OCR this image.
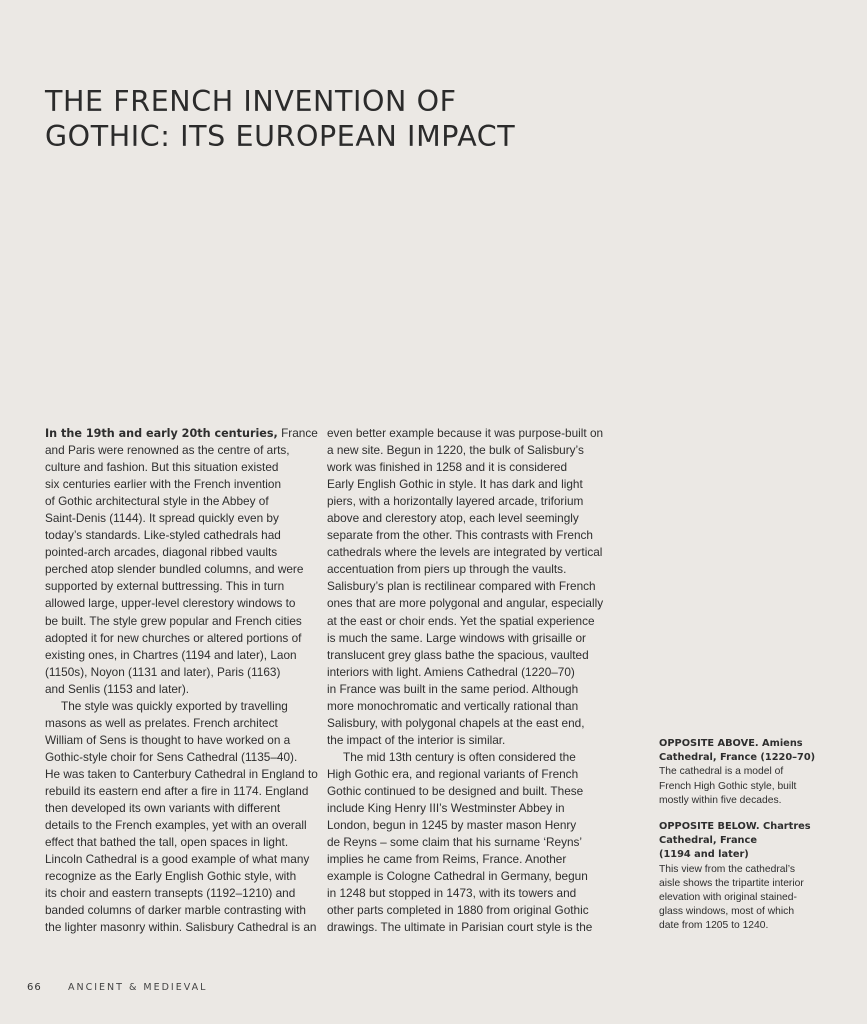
THE FRENCH INVENTION OF
GOTHIC: ITS EUROPEAN IMPACT
In the 19th and early 20th centuries, France
and Paris were renowned as the centre of arts,
culture and fashion. But this situation existed
six centuries earlier with the French invention
of Gothic architectural style in the Abbey of
Saint-Denis (1144). It spread quickly even by
today’s standards. Like-styled cathedrals had
pointed-arch arcades, diagonal ribbed vaults
perched atop slender bundled columns, and were
supported by external buttressing. This in turn
allowed large, upper-level clerestory windows to
be built. The style grew popular and French cities
adopted it for new churches or altered portions of
existing ones, in Chartres (1194 and later), Laon
(1150s), Noyon (1131 and later), Paris (1163)
and Senlis (1153 and later).
The style was quickly exported by travelling
masons as well as prelates. French architect
William of Sens is thought to have worked on a
Gothic-style choir for Sens Cathedral (1135–40).
He was taken to Canterbury Cathedral in England to
rebuild its eastern end after a fire in 1174. England
then developed its own variants with different
details to the French examples, yet with an overall
effect that bathed the tall, open spaces in light.
Lincoln Cathedral is a good example of what many
recognize as the Early English Gothic style, with
its choir and eastern transepts (1192–1210) and
banded columns of darker marble contrasting with
the lighter masonry within. Salisbury Cathedral is an
even better example because it was purpose-built on
a new site. Begun in 1220, the bulk of Salisbury’s
work was finished in 1258 and it is considered
Early English Gothic in style. It has dark and light
piers, with a horizontally layered arcade, triforium
above and clerestory atop, each level seemingly
separate from the other. This contrasts with French
cathedrals where the levels are integrated by vertical
accentuation from piers up through the vaults.
Salisbury’s plan is rectilinear compared with French
ones that are more polygonal and angular, especially
at the east or choir ends. Yet the spatial experience
is much the same. Large windows with grisaille or
translucent grey glass bathe the spacious, vaulted
interiors with light. Amiens Cathedral (1220–70)
in France was built in the same period. Although
more monochromatic and vertically rational than
Salisbury, with polygonal chapels at the east end,
the impact of the interior is similar.
The mid 13th century is often considered the
High Gothic era, and regional variants of French
Gothic continued to be designed and built. These
include King Henry III’s Westminster Abbey in
London, begun in 1245 by master mason Henry
de Reyns – some claim that his surname ‘Reyns’
implies he came from Reims, France. Another
example is Cologne Cathedral in Germany, begun
in 1248 but stopped in 1473, with its towers and
other parts completed in 1880 from original Gothic
drawings. The ultimate in Parisian court style is the
OPPOSITE ABOVE. Amiens
Cathedral, France (1220–70)
The cathedral is a model of
French High Gothic style, built
mostly within five decades.
OPPOSITE BELOW. Chartres
Cathedral, France
(1194 and later)
This view from the cathedral’s
aisle shows the tripartite interior
elevation with original stained-
glass windows, most of which
date from 1205 to 1240.
66	ANCIENT & MEDIEVAL
